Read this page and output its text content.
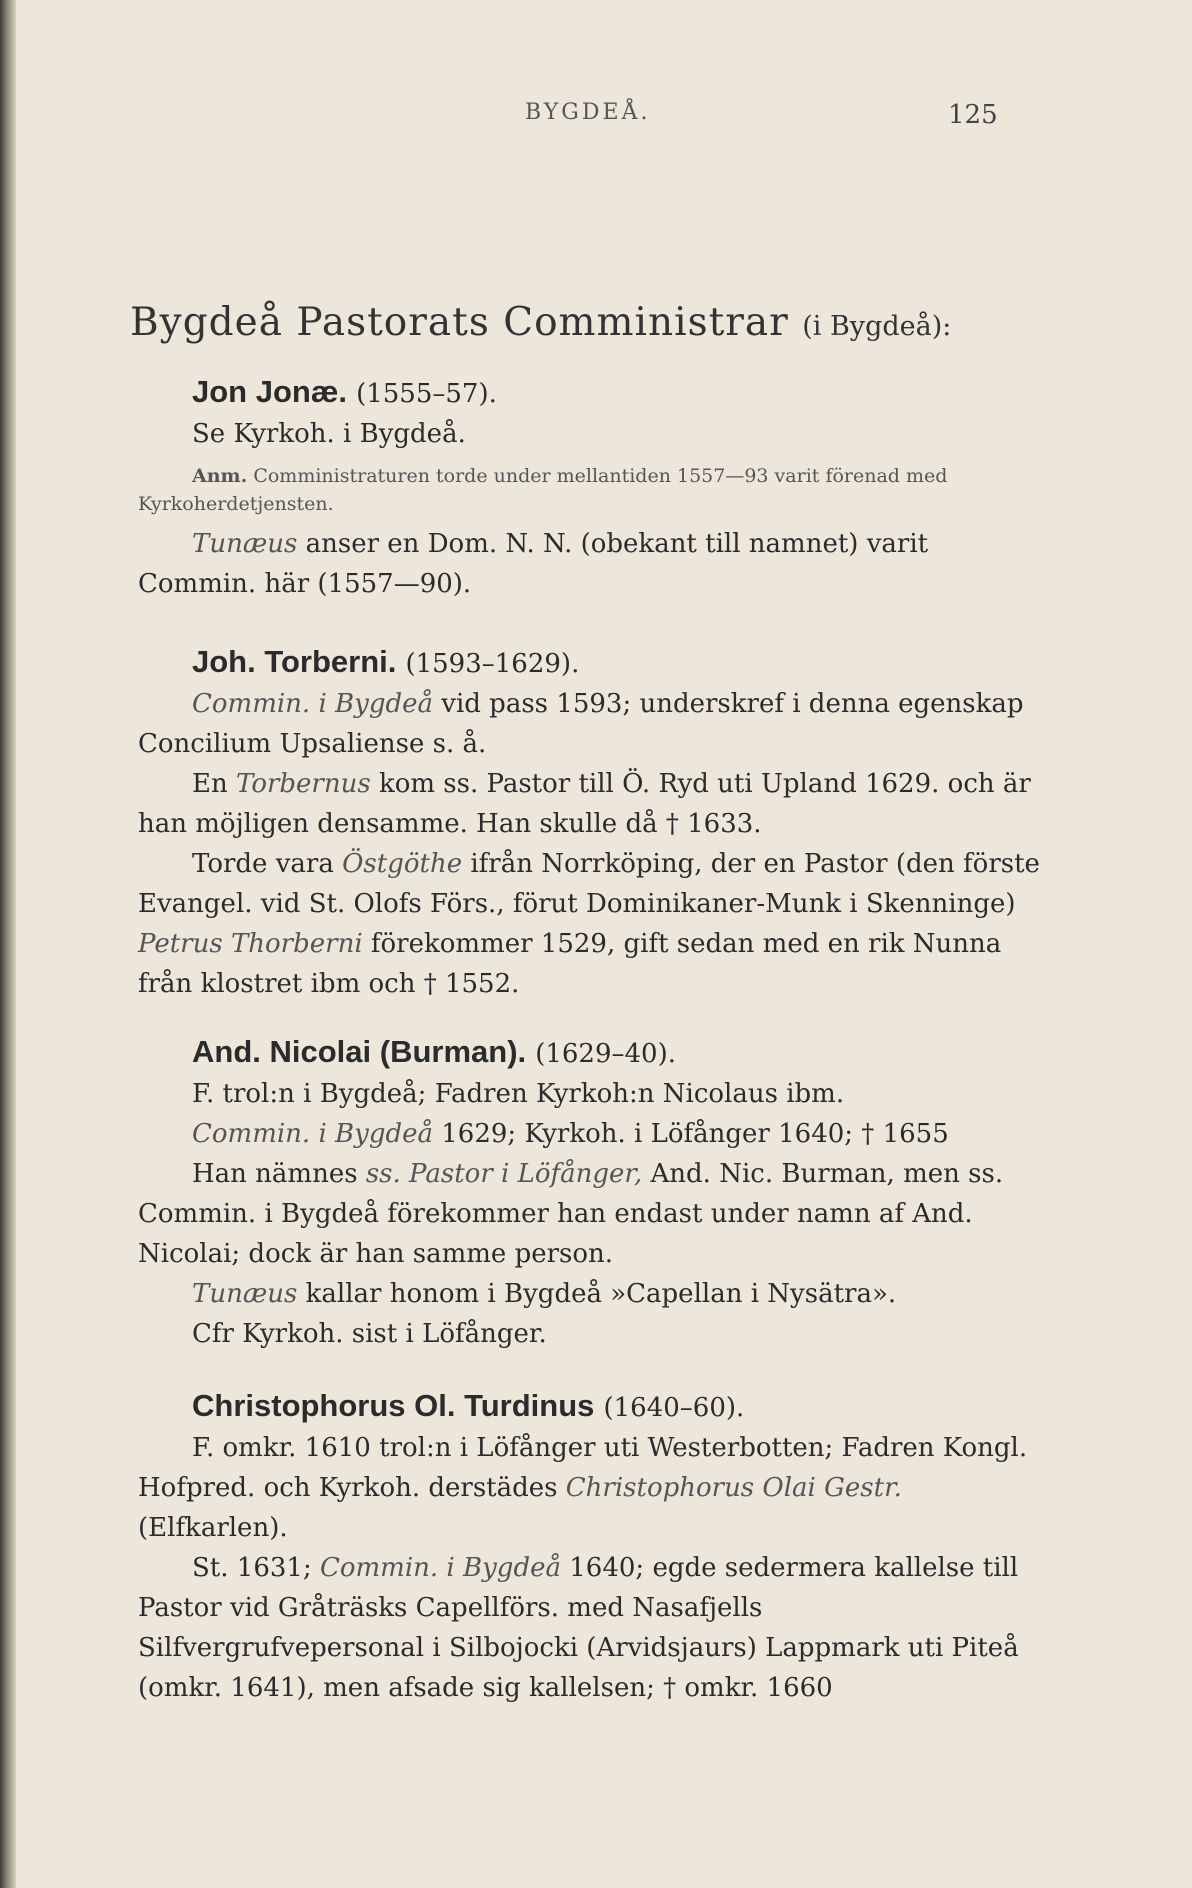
BYGDEÅ.	125
Bygdeå Pastorats Comministrar (i Bygdeå):

Jon Jonæ. (1555–57).

Se Kyrkoh. i Bygdeå.

Anm. Comministraturen torde under mellantiden 1557—93 varit förenad med Kyrkoherdetjensten.

Tunæus anser en Dom. N. N. (obekant till namnet) varit Commin. här (1557—90).

Joh. Torberni. (1593–1629).

Commin. i Bygdeå vid pass 1593; underskref i denna egenskap Concilium Upsaliense s. å.

En Torbernus kom ss. Pastor till Ö. Ryd uti Upland 1629. och är han möjligen densamme. Han skulle då † 1633.

Torde vara Östgöthe ifrån Norrköping, der en Pastor (den förste Evangel. vid St. Olofs Förs., förut Dominikaner-Munk i Skenninge) Petrus Thorberni förekommer 1529, gift sedan med en rik Nunna från klostret ibm och † 1552.

And. Nicolai (Burman). (1629–40).

F. trol:n i Bygdeå; Fadren Kyrkoh:n Nicolaus ibm.

Commin. i Bygdeå 1629; Kyrkoh. i Löfånger 1640; † 1655

Han nämnes ss. Pastor i Löfånger, And. Nic. Burman, men ss. Commin. i Bygdeå förekommer han endast under namn af And. Nicolai; dock är han samme person.

Tunæus kallar honom i Bygdeå »Capellan i Nysätra».

Cfr Kyrkoh. sist i Löfånger.

Christophorus Ol. Turdinus (1640–60).

F. omkr. 1610 trol:n i Löfånger uti Westerbotten; Fadren Kongl. Hofpred. och Kyrkoh. derstädes Christophorus Olai Gestr. (Elfkarlen).

St. 1631; Commin. i Bygdeå 1640; egde sedermera kallelse till Pastor vid Gråträsks Capellförs. med Nasafjells Silfvergrufvepersonal i Silbojocki (Arvidsjaurs) Lappmark uti Piteå (omkr. 1641), men afsade sig kallelsen; † omkr. 1660
